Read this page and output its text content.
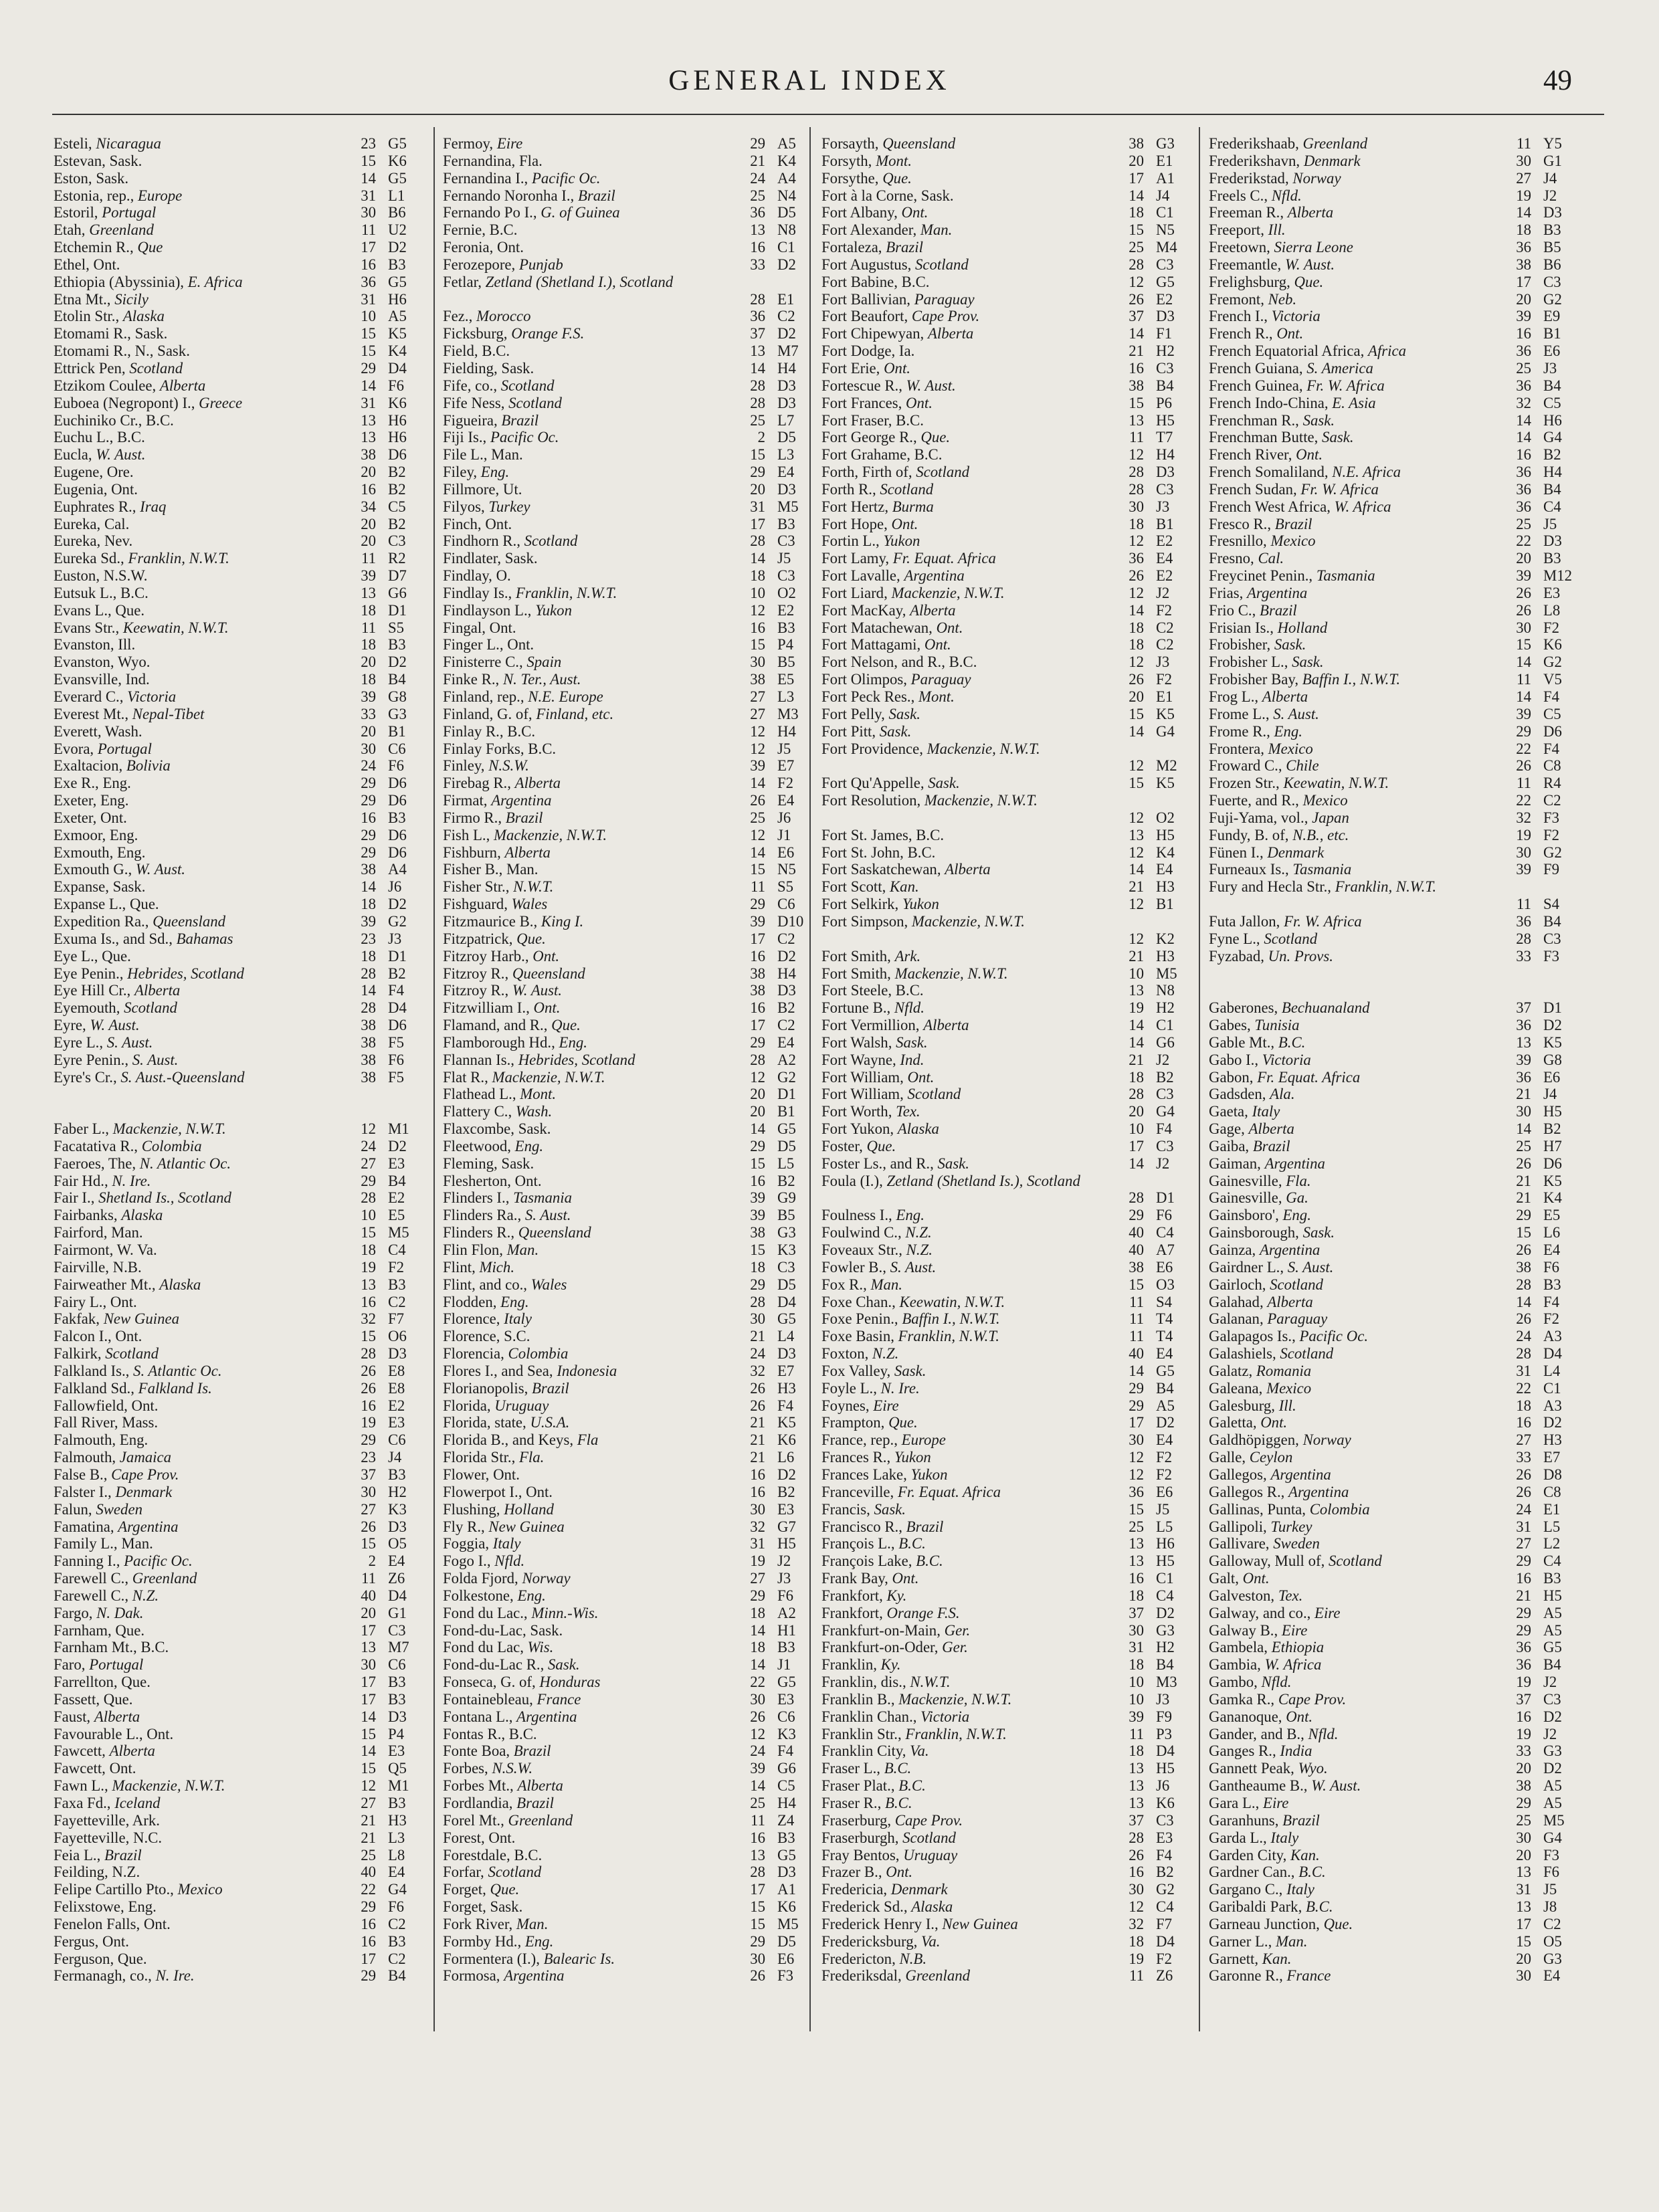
GENERAL INDEX	49
Esteli, Nicaragua	23 G5
Estevan, Sask.	15 K6
Eston, Sask.	14 G5
Estonia, rep., Europe	31 L1
Estoril, Portugal	30 B6
Etah, Greenland	11 U2
Etchemin R., Que	17 D2
Ethel, Ont.	16 B3
Ethiopia (Abyssinia), E. Africa	36 G5
Etna Mt., Sicily	31 H6
Etolin Str., Alaska	10 A5
Etomami R., Sask.	15 K5
Etomami R., N., Sask.	15 K4
Ettrick Pen, Scotland	29 D4
Etzikom Coulee, Alberta	14 F6
Euboea (Negropont) I., Greece	31 K6
Euchiniko Cr., B.C.	13 H6
Euchu L., B.C.	13 H6
Eucla, W. Aust.	38 D6
Eugene, Ore.	20 B2
Eugenia, Ont.	16 B2
Euphrates R., Iraq	34 C5
Eureka, Cal.	20 B2
Eureka, Nev.	20 C3
Eureka Sd., Franklin, N.W.T.	11 R2
Euston, N.S.W.	39 D7
Eutsuk L., B.C.	13 G6
Evans L., Que.	18 D1
Evans Str., Keewatin, N.W.T.	11 S5
Evanston, Ill.	18 B3
Evanston, Wyo.	20 D2
Evansville, Ind.	18 B4
Everard C., Victoria	39 G8
Everest Mt., Nepal-Tibet	33 G3
Everett, Wash.	20 B1
Evora, Portugal	30 C6
Exaltacion, Bolivia	24 F6
Exe R., Eng.	29 D6
Exeter, Eng.	29 D6
Exeter, Ont.	16 B3
Exmoor, Eng.	29 D6
Exmouth, Eng.	29 D6
Exmouth G., W. Aust.	38 A4
Expanse, Sask.	14 J6
Expanse L., Que.	18 D2
Expedition Ra., Queensland	39 G2
Exuma Is., and Sd., Bahamas	23 J3
Eye L., Que.	18 D1
Eye Penin., Hebrides, Scotland	28 B2
Eye Hill Cr., Alberta	14 F4
Eyemouth, Scotland	28 D4
Eyre, W. Aust.	38 D6
Eyre L., S. Aust.	38 F5
Eyre Penin., S. Aust.	38 F6
Eyre's Cr., S. Aust.-Queensland	38 F5
Faber L., Mackenzie, N.W.T.	12 M1
Facatativa R., Colombia	24 D2
Faeroes, The, N. Atlantic Oc.	27 E3
Fair Hd., N. Ire.	29 B4
Fair I., Shetland Is., Scotland	28 E2
Fairbanks, Alaska	10 E5
Fairford, Man.	15 M5
Fairmont, W. Va.	18 C4
Fairville, N.B.	19 F2
Fairweather Mt., Alaska	13 B3
Fairy L., Ont.	16 C2
Fakfak, New Guinea	32 F7
Falcon I., Ont.	15 O6
Falkirk, Scotland	28 D3
Falkland Is., S. Atlantic Oc.	26 E8
Falkland Sd., Falkland Is.	26 E8
Fallowfield, Ont.	16 E2
Fall River, Mass.	19 E3
Falmouth, Eng.	29 C6
Falmouth, Jamaica	23 J4
False B., Cape Prov.	37 B3
Falster I., Denmark	30 H2
Falun, Sweden	27 K3
Famatina, Argentina	26 D3
Family L., Man.	15 O5
Fanning I., Pacific Oc.	2 E4
Farewell C., Greenland	11 Z6
Farewell C., N.Z.	40 D4
Fargo, N. Dak.	20 G1
Farnham, Que.	17 C3
Farnham Mt., B.C.	13 M7
Faro, Portugal	30 C6
Farrellton, Que.	17 B3
Fassett, Que.	17 B3
Faust, Alberta	14 D3
Favourable L., Ont.	15 P4
Fawcett, Alberta	14 E3
Fawcett, Ont.	15 Q5
Fawn L., Mackenzie, N.W.T.	12 M1
Faxa Fd., Iceland	27 B3
Fayetteville, Ark.	21 H3
Fayetteville, N.C.	21 L3
Feia L., Brazil	25 L8
Feilding, N.Z.	40 E4
Felipe Cartillo Pto., Mexico	22 G4
Felixstowe, Eng.	29 F6
Fenelon Falls, Ont.	16 C2
Fergus, Ont.	16 B3
Ferguson, Que.	17 C2
Fermanagh, co., N. Ire.	29 B4
Fermoy, Eire	29 A5
Fernandina, Fla.	21 K4
Fernandina I., Pacific Oc.	24 A4
Fernando Noronha I., Brazil	25 N4
Fernando Po I., G. of Guinea	36 D5
Fernie, B.C.	13 N8
Feronia, Ont.	16 C1
Ferozepore, Punjab	33 D2
Fetlar, Zetland (Shetland I.), Scotland
28 E1
Fez., Morocco	36 C2
Ficksburg, Orange F.S.	37 D2
Field, B.C.	13 M7
Fielding, Sask.	14 H4
Fife, co., Scotland	28 D3
Fife Ness, Scotland	28 D3
Figueira, Brazil	25 L7
Fiji Is., Pacific Oc.	2 D5
File L., Man.	15 L3
Filey, Eng.	29 E4
Fillmore, Ut.	20 D3
Filyos, Turkey	31 M5
Finch, Ont.	17 B3
Findhorn R., Scotland	28 C3
Findlater, Sask.	14 J5
Findlay, O.	18 C3
Findlay Is., Franklin, N.W.T.	10 O2
Findlayson L., Yukon	12 E2
Fingal, Ont.	16 B3
Finger L., Ont.	15 P4
Finisterre C., Spain	30 B5
Finke R., N. Ter., Aust.	38 E5
Finland, rep., N.E. Europe	27 L3
Finland, G. of, Finland, etc.	27 M3
Finlay R., B.C.	12 H4
Finlay Forks, B.C.	12 J5
Finley, N.S.W.	39 E7
Firebag R., Alberta	14 F2
Firmat, Argentina	26 E4
Firmo R., Brazil	25 J6
Fish L., Mackenzie, N.W.T.	12 J1
Fishburn, Alberta	14 E6
Fisher B., Man.	15 N5
Fisher Str., N.W.T.	11 S5
Fishguard, Wales	29 C6
Fitzmaurice B., King I.	39 D10
Fitzpatrick, Que.	17 C2
Fitzroy Harb., Ont.	16 D2
Fitzroy R., Queensland	38 H4
Fitzroy R., W. Aust.	38 D3
Fitzwilliam I., Ont.	16 B2
Flamand, and R., Que.	17 C2
Flamborough Hd., Eng.	29 E4
Flannan Is., Hebrides, Scotland	28 A2
Flat R., Mackenzie, N.W.T.	12 G2
Flathead L., Mont.	20 D1
Flattery C., Wash.	20 B1
Flaxcombe, Sask.	14 G5
Fleetwood, Eng.	29 D5
Fleming, Sask.	15 L5
Flesherton, Ont.	16 B2
Flinders I., Tasmania	39 G9
Flinders Ra., S. Aust.	39 B5
Flinders R., Queensland	38 G3
Flin Flon, Man.	15 K3
Flint, Mich.	18 C3
Flint, and co., Wales	29 D5
Flodden, Eng.	28 D4
Florence, Italy	30 G5
Florence, S.C.	21 L4
Florencia, Colombia	24 D3
Flores I., and Sea, Indonesia	32 E7
Florianopolis, Brazil	26 H3
Florida, Uruguay	26 F4
Florida, state, U.S.A.	21 K5
Florida B., and Keys, Fla	21 K6
Florida Str., Fla.	21 L6
Flower, Ont.	16 D2
Flowerpot I., Ont.	16 B2
Flushing, Holland	30 E3
Fly R., New Guinea	32 G7
Foggia, Italy	31 H5
Fogo I., Nfld.	19 J2
Folda Fjord, Norway	27 J3
Folkestone, Eng.	29 F6
Fond du Lac., Minn.-Wis.	18 A2
Fond-du-Lac, Sask.	14 H1
Fond du Lac, Wis.	18 B3
Fond-du-Lac R., Sask.	14 J1
Fonseca, G. of, Honduras	22 G5
Fontainebleau, France	30 E3
Fontana L., Argentina	26 C6
Fontas R., B.C.	12 K3
Fonte Boa, Brazil	24 F4
Forbes, N.S.W.	39 G6
Forbes Mt., Alberta	14 C5
Fordlandia, Brazil	25 H4
Forel Mt., Greenland	11 Z4
Forest, Ont.	16 B3
Forestdale, B.C.	13 G5
Forfar, Scotland	28 D3
Forget, Que.	17 A1
Forget, Sask.	15 K6
Fork River, Man.	15 M5
Formby Hd., Eng.	29 D5
Formentera (I.), Balearic Is.	30 E6
Formosa, Argentina	26 F3
Forsayth, Queensland	38 G3
Forsyth, Mont.	20 E1
Forsythe, Que.	17 A1
Fort à la Corne, Sask.	14 J4
Fort Albany, Ont.	18 C1
Fort Alexander, Man.	15 N5
Fortaleza, Brazil	25 M4
Fort Augustus, Scotland	28 C3
Fort Babine, B.C.	12 G5
Fort Ballivian, Paraguay	26 E2
Fort Beaufort, Cape Prov.	37 D3
Fort Chipewyan, Alberta	14 F1
Fort Dodge, Ia.	21 H2
Fort Erie, Ont.	16 C3
Fortescue R., W. Aust.	38 B4
Fort Frances, Ont.	15 P6
Fort Fraser, B.C.	13 H5
Fort George R., Que.	11 T7
Fort Grahame, B.C.	12 H4
Forth, Firth of, Scotland	28 D3
Forth R., Scotland	28 C3
Fort Hertz, Burma	30 J3
Fort Hope, Ont.	18 B1
Fortin L., Yukon	12 E2
Fort Lamy, Fr. Equat. Africa	36 E4
Fort Lavalle, Argentina	26 E2
Fort Liard, Mackenzie, N.W.T.	12 J2
Fort MacKay, Alberta	14 F2
Fort Matachewan, Ont.	18 C2
Fort Mattagami, Ont.	18 C2
Fort Nelson, and R., B.C.	12 J3
Fort Olimpos, Paraguay	26 F2
Fort Peck Res., Mont.	20 E1
Fort Pelly, Sask.	15 K5
Fort Pitt, Sask.	14 G4
Fort Providence, Mackenzie, N.W.T.
12 M2
Fort Qu'Appelle, Sask.	15 K5
Fort Resolution, Mackenzie, N.W.T.
12 O2
Fort St. James, B.C.	13 H5
Fort St. John, B.C.	12 K4
Fort Saskatchewan, Alberta	14 E4
Fort Scott, Kan.	21 H3
Fort Selkirk, Yukon	12 B1
Fort Simpson, Mackenzie, N.W.T.
12 K2
Fort Smith, Ark.	21 H3
Fort Smith, Mackenzie, N.W.T.	10 M5
Fort Steele, B.C.	13 N8
Fortune B., Nfld.	19 H2
Fort Vermillion, Alberta	14 C1
Fort Walsh, Sask.	14 G6
Fort Wayne, Ind.	21 J2
Fort William, Ont.	18 B2
Fort William, Scotland	28 C3
Fort Worth, Tex.	20 G4
Fort Yukon, Alaska	10 F4
Foster, Que.	17 C3
Foster Ls., and R., Sask.	14 J2
Foula (I.), Zetland (Shetland Is.), Scotland
28 D1
Foulness I., Eng.	29 F6
Foulwind C., N.Z.	40 C4
Foveaux Str., N.Z.	40 A7
Fowler B., S. Aust.	38 E6
Fox R., Man.	15 O3
Foxe Chan., Keewatin, N.W.T.	11 S4
Foxe Penin., Baffin I., N.W.T.	11 T4
Foxe Basin, Franklin, N.W.T.	11 T4
Foxton, N.Z.	40 E4
Fox Valley, Sask.	14 G5
Foyle L., N. Ire.	29 B4
Foynes, Eire	29 A5
Frampton, Que.	17 D2
France, rep., Europe	30 E4
Frances R., Yukon	12 F2
Frances Lake, Yukon	12 F2
Franceville, Fr. Equat. Africa	36 E6
Francis, Sask.	15 J5
Francisco R., Brazil	25 L5
François L., B.C.	13 H6
François Lake, B.C.	13 H5
Frank Bay, Ont.	16 C1
Frankfort, Ky.	18 C4
Frankfort, Orange F.S.	37 D2
Frankfurt-on-Main, Ger.	30 G3
Frankfurt-on-Oder, Ger.	31 H2
Franklin, Ky.	18 B4
Franklin, dis., N.W.T.	10 M3
Franklin B., Mackenzie, N.W.T.	10 J3
Franklin Chan., Victoria	39 F9
Franklin Str., Franklin, N.W.T.	11 P3
Franklin City, Va.	18 D4
Fraser L., B.C.	13 H5
Fraser Plat., B.C.	13 J6
Fraser R., B.C.	13 K6
Fraserburg, Cape Prov.	37 C3
Fraserburgh, Scotland	28 E3
Fray Bentos, Uruguay	26 F4
Frazer B., Ont.	16 B2
Fredericia, Denmark	30 G2
Frederick Sd., Alaska	12 C4
Frederick Henry I., New Guinea	32 F7
Fredericksburg, Va.	18 D4
Fredericton, N.B.	19 F2
Frederiksdal, Greenland	11 Z6
Frederikshaab, Greenland	11 Y5
Frederikshavn, Denmark	30 G1
Frederikstad, Norway	27 J4
Freels C., Nfld.	19 J2
Freeman R., Alberta	14 D3
Freeport, Ill.	18 B3
Freetown, Sierra Leone	36 B5
Freemantle, W. Aust.	38 B6
Frelighsburg, Que.	17 C3
Fremont, Neb.	20 G2
French I., Victoria	39 E9
French R., Ont.	16 B1
French Equatorial Africa, Africa	36 E6
French Guiana, S. America	25 J3
French Guinea, Fr. W. Africa	36 B4
French Indo-China, E. Asia	32 C5
Frenchman R., Sask.	14 H6
Frenchman Butte, Sask.	14 G4
French River, Ont.	16 B2
French Somaliland, N.E. Africa	36 H4
French Sudan, Fr. W. Africa	36 B4
French West Africa, W. Africa	36 C4
Fresco R., Brazil	25 J5
Fresnillo, Mexico	22 D3
Fresno, Cal.	20 B3
Freycinet Penin., Tasmania	39 M12
Frias, Argentina	26 E3
Frio C., Brazil	26 L8
Frisian Is., Holland	30 F2
Frobisher, Sask.	15 K6
Frobisher L., Sask.	14 G2
Frobisher Bay, Baffin I., N.W.T.	11 V5
Frog L., Alberta	14 F4
Frome L., S. Aust.	39 C5
Frome R., Eng.	29 D6
Frontera, Mexico	22 F4
Froward C., Chile	26 C8
Frozen Str., Keewatin, N.W.T.	11 R4
Fuerte, and R., Mexico	22 C2
Fuji-Yama, vol., Japan	32 F3
Fundy, B. of, N.B., etc.	19 F2
Fünen I., Denmark	30 G2
Furneaux Is., Tasmania	39 F9
Fury and Hecla Str., Franklin, N.W.T.
11 S4
Futa Jallon, Fr. W. Africa	36 B4
Fyne L., Scotland	28 C3
Fyzabad, Un. Provs.	33 F3
Gaberones, Bechuanaland	37 D1
Gabes, Tunisia	36 D2
Gable Mt., B.C.	13 K5
Gabo I., Victoria	39 G8
Gabon, Fr. Equat. Africa	36 E6
Gadsden, Ala.	21 J4
Gaeta, Italy	30 H5
Gage, Alberta	14 B2
Gaiba, Brazil	25 H7
Gaiman, Argentina	26 D6
Gainesville, Fla.	21 K5
Gainesville, Ga.	21 K4
Gainsboro', Eng.	29 E5
Gainsborough, Sask.	15 L6
Gainza, Argentina	26 E4
Gairdner L., S. Aust.	38 F6
Gairloch, Scotland	28 B3
Galahad, Alberta	14 F4
Galanan, Paraguay	26 F2
Galapagos Is., Pacific Oc.	24 A3
Galashiels, Scotland	28 D4
Galatz, Romania	31 L4
Galeana, Mexico	22 C1
Galesburg, Ill.	18 A3
Galetta, Ont.	16 D2
Galdhöpiggen, Norway	27 H3
Galle, Ceylon	33 E7
Gallegos, Argentina	26 D8
Gallegos R., Argentina	26 C8
Gallinas, Punta, Colombia	24 E1
Gallipoli, Turkey	31 L5
Gallivare, Sweden	27 L2
Galloway, Mull of, Scotland	29 C4
Galt, Ont.	16 B3
Galveston, Tex.	21 H5
Galway, and co., Eire	29 A5
Galway B., Eire	29 A5
Gambela, Ethiopia	36 G5
Gambia, W. Africa	36 B4
Gambo, Nfld.	19 J2
Gamka R., Cape Prov.	37 C3
Gananoque, Ont.	16 D2
Gander, and B., Nfld.	19 J2
Ganges R., India	33 G3
Gannett Peak, Wyo.	20 D2
Gantheaume B., W. Aust.	38 A5
Gara L., Eire	29 A5
Garanhuns, Brazil	25 M5
Garda L., Italy	30 G4
Garden City, Kan.	20 F3
Gardner Can., B.C.	13 F6
Gargano C., Italy	31 J5
Garibaldi Park, B.C.	13 J8
Garneau Junction, Que.	17 C2
Garner L., Man.	15 O5
Garnett, Kan.	20 G3
Garonne R., France	30 E4
